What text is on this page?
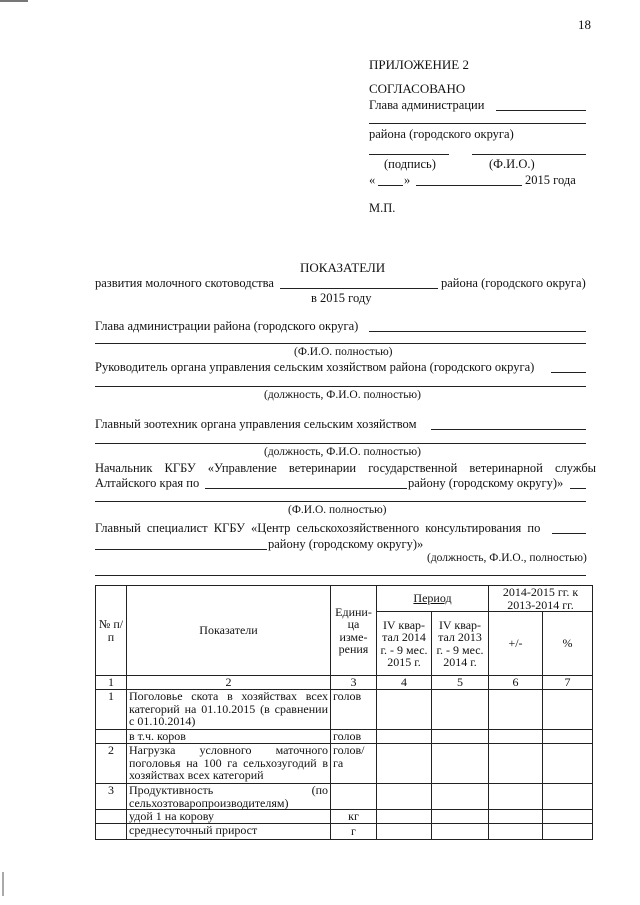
18
ПРИЛОЖЕНИЕ 2
СОГЛАСОВАНО
Глава администрации
района (городского округа)
(подпись)	(Ф.И.О.)
« »	2015 года
М.П.
ПОКАЗАТЕЛИ
развития молочного скотоводства	района (городского округа)
в 2015 году
Глава администрации района (городского округа)
(Ф.И.О. полностью)
Руководитель органа управления сельским хозяйством района (городского округа)
(должность, Ф.И.О. полностью)
Главный зоотехник органа управления сельским хозяйством
(должность, Ф.И.О. полностью)
Начальник КГБУ «Управление ветеринарии государственной ветеринарной службы
Алтайского края по	району (городскому округу)»
(Ф.И.О. полностью)
Главный специалист КГБУ «Центр сельскохозяйственного консультирования по
району (городскому округу)»
(должность, Ф.И.О., полностью)
№ п/п	Показатели	Едини-ца изме-рения	Период		2014-2015 гг. к 2013-2014 гг.	
			IV квар-тал 2014 г. - 9 мес. 2015 г.	IV квар-тал 2013 г. - 9 мес. 2014 г.	+/-	%

1	2	3	4	5	6	7
1	Поголовье скота в хозяйствах всех категорий на 01.10.2015 (в сравнении с 01.10.2014)	голов				
	в т.ч. коров	голов				
2	Нагрузка условного маточного поголовья на 100 га сельхозугодий в хозяйствах всех категорий	голов/ га				
3	Продуктивность (по сельхозтоваропроизводителям)					
	удой 1 на корову	кг				
	среднесуточный прирост	г				
